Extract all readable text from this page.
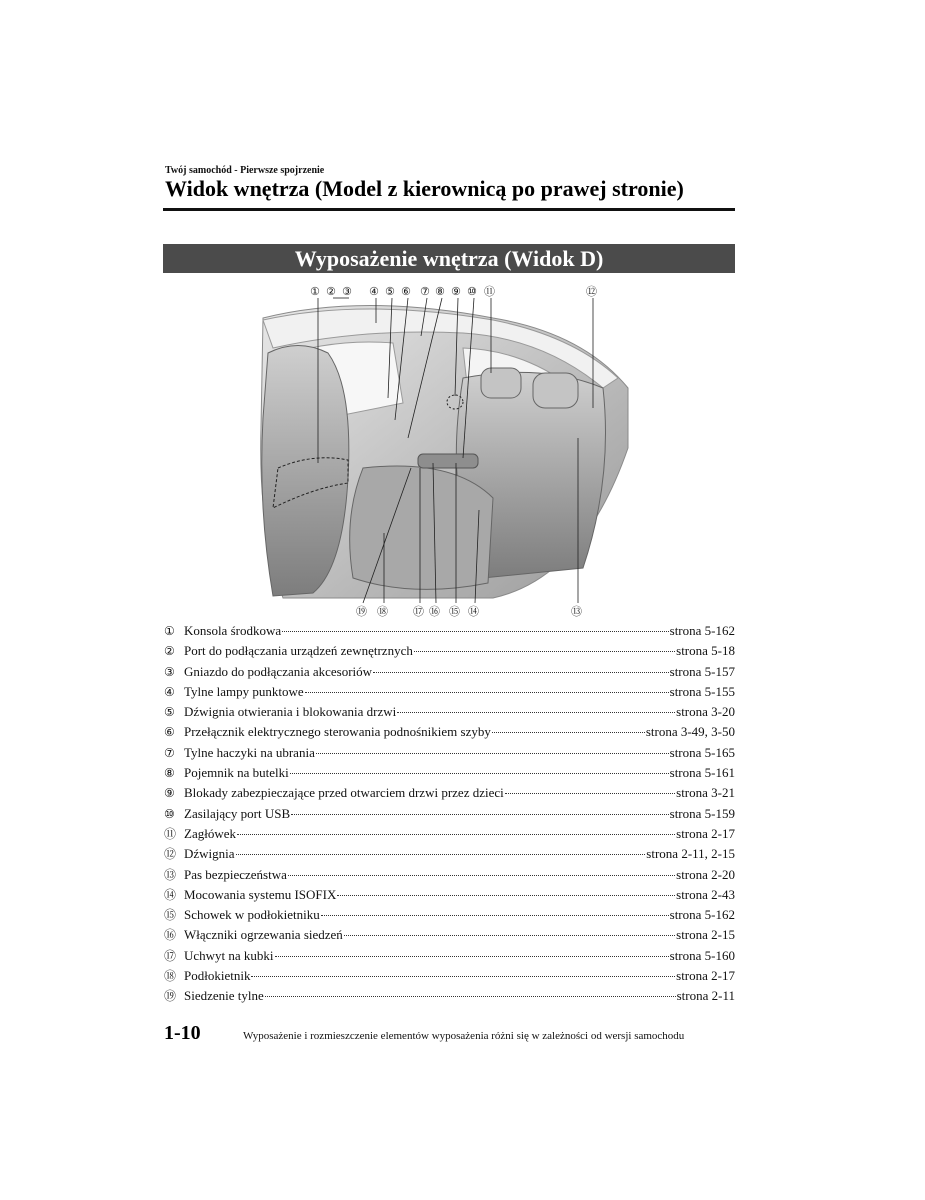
Twój samochód - Pierwsze spojrzenie
Widok wnętrza (Model z kierownicą po prawej stronie)
Wyposażenie wnętrza (Widok D)
① ② ③ ④ ⑤ ⑥ ⑦ ⑧ ⑨ ⑩ ⑪	⑫
⑲ ⑱ ⑰ ⑯ ⑮ ⑭	⑬
① Konsola środkowa	strona 5-162
② Port do podłączania urządzeń zewnętrznych	strona 5-18
③ Gniazdo do podłączania akcesoriów	strona 5-157
④ Tylne lampy punktowe	strona 5-155
⑤ Dźwignia otwierania i blokowania drzwi	strona 3-20
⑥ Przełącznik elektrycznego sterowania podnośnikiem szyby	strona 3-49, 3-50
⑦ Tylne haczyki na ubrania	strona 5-165
⑧ Pojemnik na butelki	strona 5-161
⑨ Blokady zabezpieczające przed otwarciem drzwi przez dzieci	strona 3-21
⑩ Zasilający port USB	strona 5-159
⑪ Zagłówek	strona 2-17
⑫ Dźwignia	strona 2-11, 2-15
⑬ Pas bezpieczeństwa	strona 2-20
⑭ Mocowania systemu ISOFIX	strona 2-43
⑮ Schowek w podłokietniku	strona 5-162
⑯ Włączniki ogrzewania siedzeń	strona 2-15
⑰ Uchwyt na kubki	strona 5-160
⑱ Podłokietnik	strona 2-17
⑲ Siedzenie tylne	strona 2-11
1-10	Wyposażenie i rozmieszczenie elementów wyposażenia różni się w zależności od wersji samochodu
